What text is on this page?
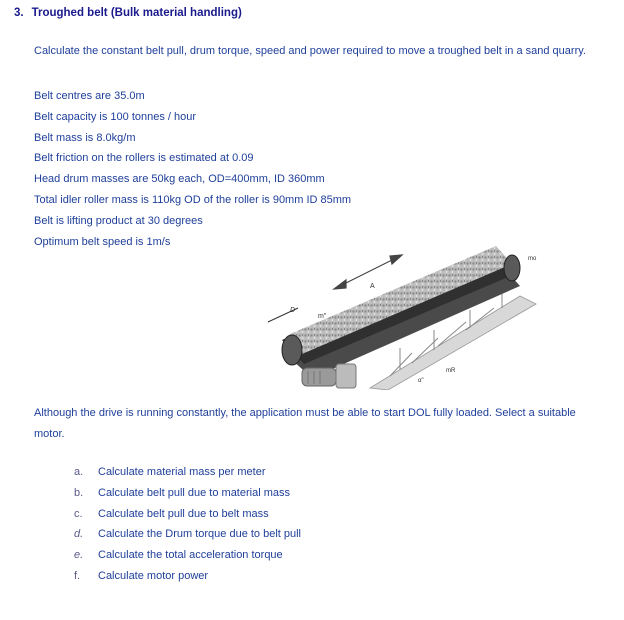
3. Troughed belt (Bulk material handling)

Calculate the constant belt pull, drum torque, speed and power required to move a troughed belt in a sand quarry.

Belt centres are 35.0m

Belt capacity is 100 tonnes / hour

Belt mass is 8.0kg/m

Belt friction on the rollers is estimated at 0.09

Head drum masses are 50kg each, OD=400mm, ID 360mm

Total idler roller mass is 110kg OD of the roller is 90mm ID 85mm

Belt is lifting product at 30 degrees

Optimum belt speed is 1m/s

D
m"
A
mo
mR
α"

Although the drive is running constantly, the application must be able to start DOL fully loaded. Select a suitable motor.

a. Calculate material mass per meter
b. Calculate belt pull due to material mass
c. Calculate belt pull due to belt mass
d. Calculate the Drum torque due to belt pull
e. Calculate the total acceleration torque
f. Calculate motor power
